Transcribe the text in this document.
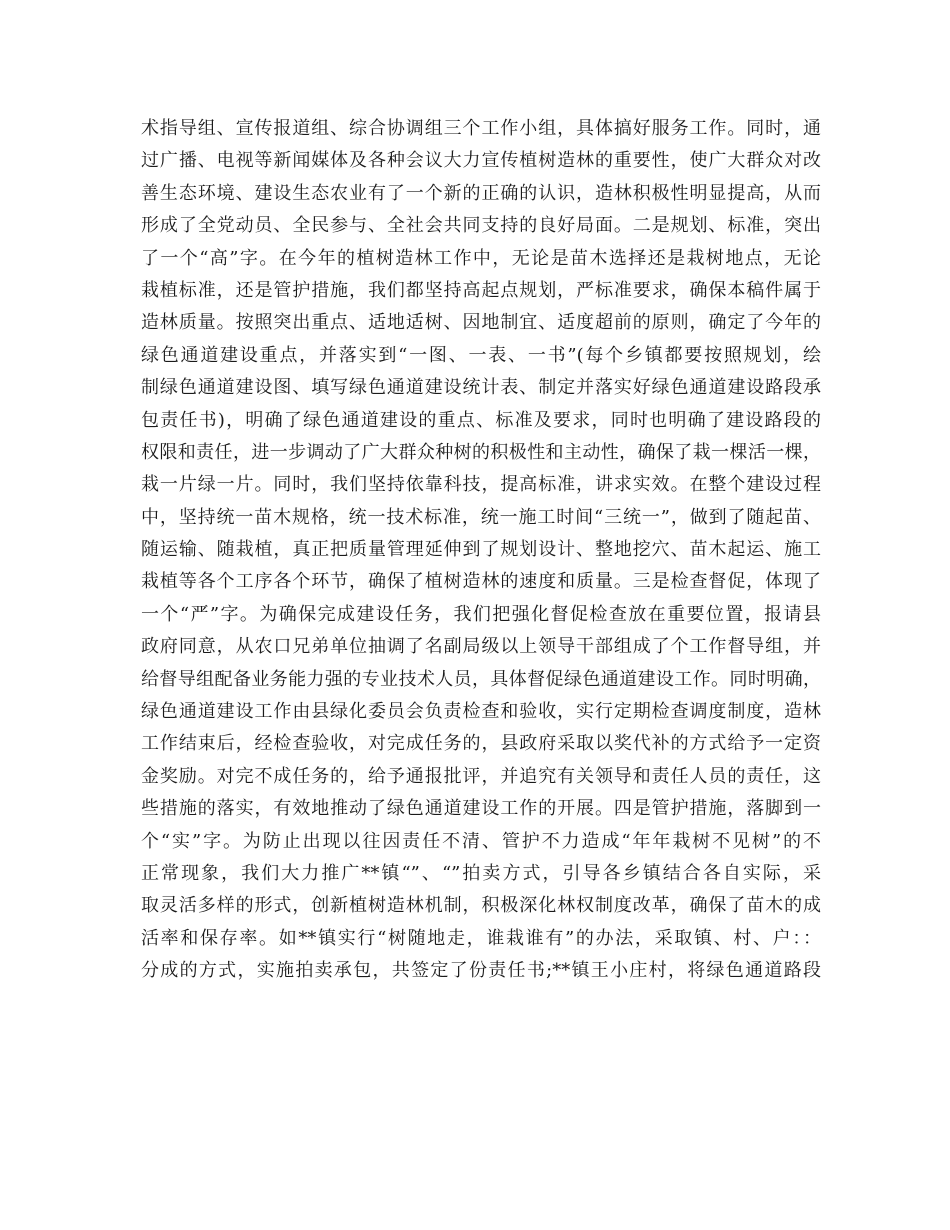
术指导组、宣传报道组、综合协调组三个工作小组，具体搞好服务工作。同时，通
过广播、电视等新闻媒体及各种会议大力宣传植树造林的重要性，使广大群众对改
善生态环境、建设生态农业有了一个新的正确的认识，造林积极性明显提高，从而
形成了全党动员、全民参与、全社会共同支持的良好局面。二是规划、标准，突出
了一个“高”字。在今年的植树造林工作中，无论是苗木选择还是栽树地点，无论
栽植标准，还是管护措施，我们都坚持高起点规划，严标准要求，确保本稿件属于
造林质量。按照突出重点、适地适树、因地制宜、适度超前的原则，确定了今年的
绿色通道建设重点，并落实到“一图、一表、一书”(每个乡镇都要按照规划，绘
制绿色通道建设图、填写绿色通道建设统计表、制定并落实好绿色通道建设路段承
包责任书)，明确了绿色通道建设的重点、标准及要求，同时也明确了建设路段的
权限和责任，进一步调动了广大群众种树的积极性和主动性，确保了栽一棵活一棵，
栽一片绿一片。同时，我们坚持依靠科技，提高标准，讲求实效。在整个建设过程
中，坚持统一苗木规格，统一技术标准，统一施工时间“三统一”，做到了随起苗、
随运输、随栽植，真正把质量管理延伸到了规划设计、整地挖穴、苗木起运、施工
栽植等各个工序各个环节，确保了植树造林的速度和质量。三是检查督促，体现了
一个“严”字。为确保完成建设任务，我们把强化督促检查放在重要位置，报请县
政府同意，从农口兄弟单位抽调了名副局级以上领导干部组成了个工作督导组，并
给督导组配备业务能力强的专业技术人员，具体督促绿色通道建设工作。同时明确，
绿色通道建设工作由县绿化委员会负责检查和验收，实行定期检查调度制度，造林
工作结束后，经检查验收，对完成任务的，县政府采取以奖代补的方式给予一定资
金奖励。对完不成任务的，给予通报批评，并追究有关领导和责任人员的责任，这
些措施的落实，有效地推动了绿色通道建设工作的开展。四是管护措施，落脚到一
个“实”字。为防止出现以往因责任不清、管护不力造成“年年栽树不见树”的不
正常现象，我们大力推广**镇“”、“”拍卖方式，引导各乡镇结合各自实际，采
取灵活多样的形式，创新植树造林机制，积极深化林权制度改革，确保了苗木的成
活率和保存率。如**镇实行“树随地走，谁栽谁有”的办法，采取镇、村、户：：
分成的方式，实施拍卖承包，共签定了份责任书;**镇王小庄村，将绿色通道路段
